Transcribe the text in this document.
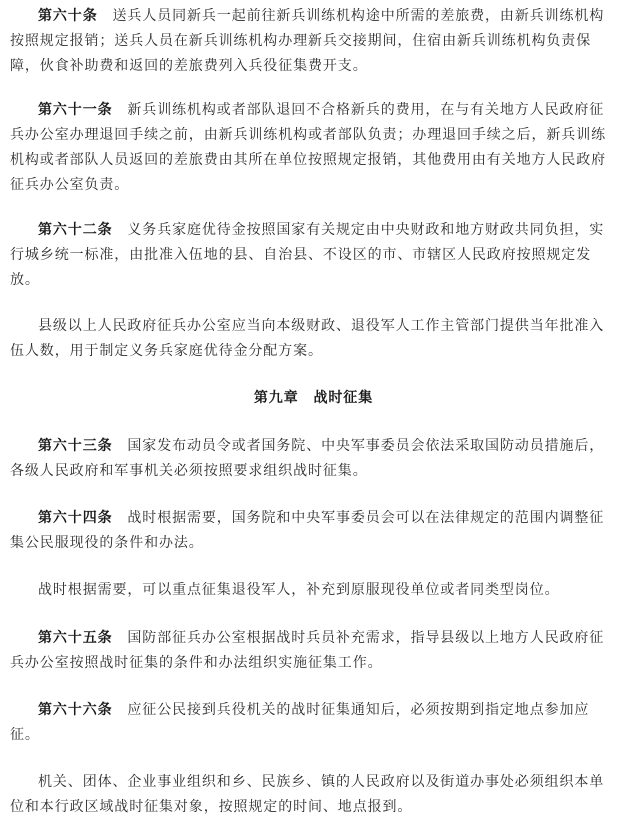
第六十条　 送兵人员同新兵一起前往新兵训练机构途中所需的差旅费，由新兵训练机构按照规定报销；送兵人员在新兵训练机构办理新兵交接期间，住宿由新兵训练机构负责保障，伙食补助费和返回的差旅费列入兵役征集费开支。

第六十一条　 新兵训练机构或者部队退回不合格新兵的费用，在与有关地方人民政府征兵办公室办理退回手续之前，由新兵训练机构或者部队负责；办理退回手续之后，新兵训练机构或者部队人员返回的差旅费由其所在单位按照规定报销，其他费用由有关地方人民政府征兵办公室负责。

第六十二条　 义务兵家庭优待金按照国家有关规定由中央财政和地方财政共同负担，实行城乡统一标准，由批准入伍地的县、自治县、不设区的市、市辖区人民政府按照规定发放。

县级以上人民政府征兵办公室应当向本级财政、退役军人工作主管部门提供当年批准入伍人数，用于制定义务兵家庭优待金分配方案。

第九章　战时征集

第六十三条　 国家发布动员令或者国务院、中央军事委员会依法采取国防动员措施后，各级人民政府和军事机关必须按照要求组织战时征集。

第六十四条　 战时根据需要，国务院和中央军事委员会可以在法律规定的范围内调整征集公民服现役的条件和办法。

战时根据需要，可以重点征集退役军人，补充到原服现役单位或者同类型岗位。

第六十五条　 国防部征兵办公室根据战时兵员补充需求，指导县级以上地方人民政府征兵办公室按照战时征集的条件和办法组织实施征集工作。

第六十六条　 应征公民接到兵役机关的战时征集通知后，必须按期到指定地点参加应征。

机关、团体、企业事业组织和乡、民族乡、镇的人民政府以及街道办事处必须组织本单位和本行政区域战时征集对象，按照规定的时间、地点报到。
